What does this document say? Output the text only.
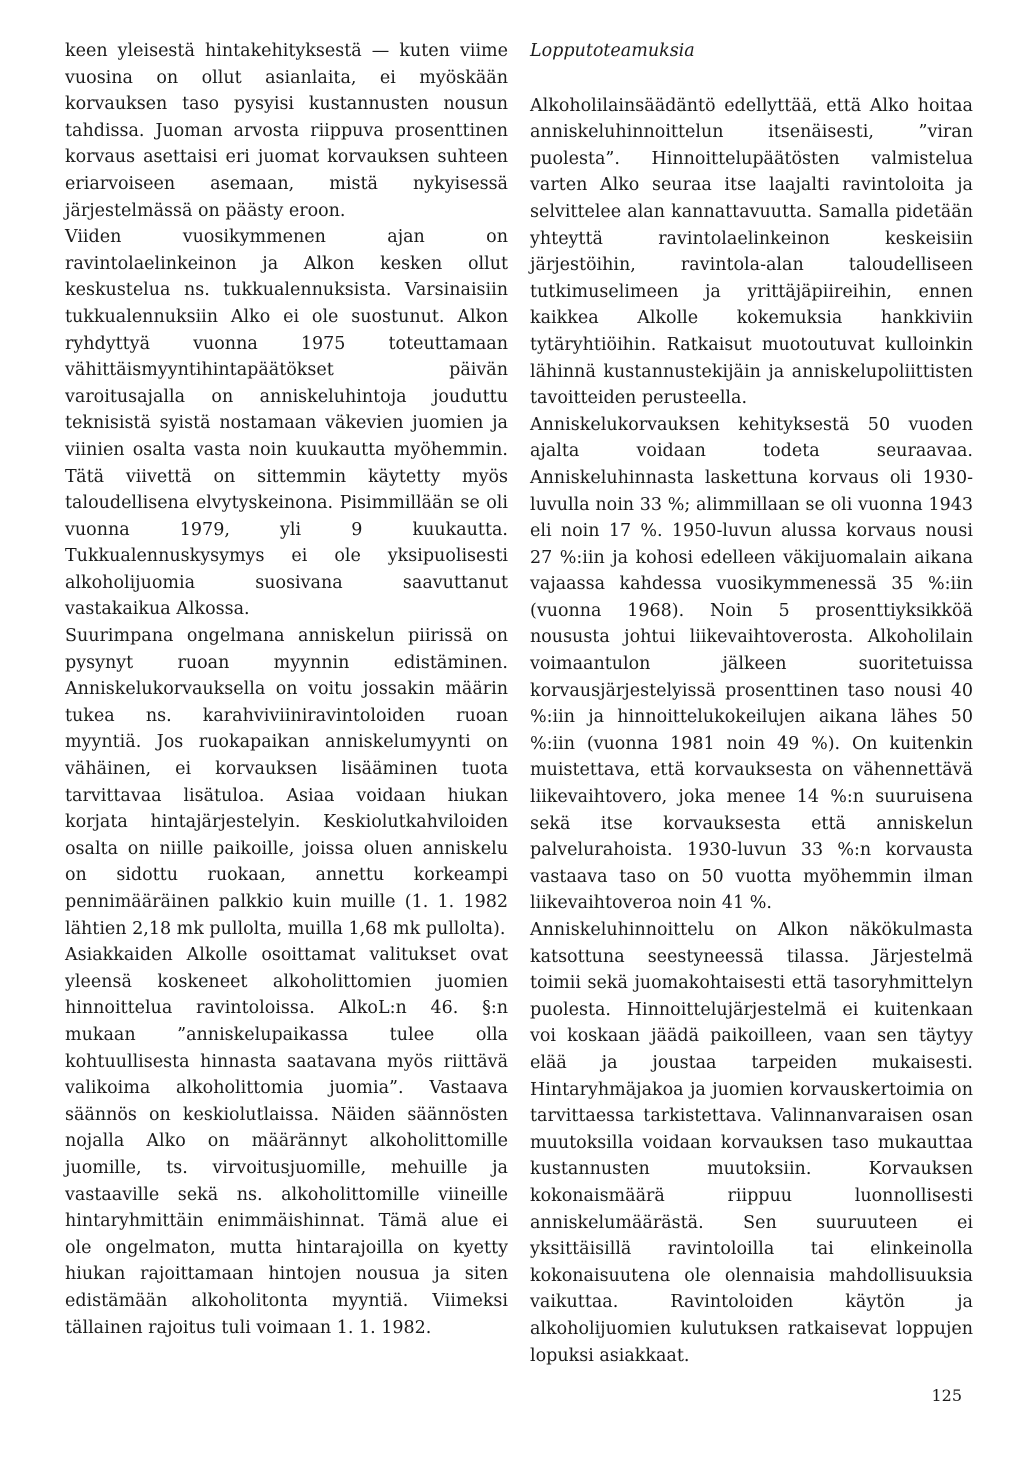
keen yleisestä hintakehityksestä — kuten viime vuosina on ollut asianlaita, ei myöskään korvauksen taso pysyisi kustannusten nousun tahdissa. Juoman arvosta riippuva prosenttinen korvaus asettaisi eri juomat korvauksen suhteen eriarvoiseen asemaan, mistä nykyisessä järjestelmässä on päästy eroon.

Viiden vuosikymmenen ajan on ravintolaelinkeinon ja Alkon kesken ollut keskustelua ns. tukkualennuksista. Varsinaisiin tukkualennuksiin Alko ei ole suostunut. Alkon ryhdyttyä vuonna 1975 toteuttamaan vähittäismyyntihintapäätökset päivän varoitusajalla on anniskeluhintoja jouduttu teknisistä syistä nostamaan väkevien juomien ja viinien osalta vasta noin kuukautta myöhemmin. Tätä viivettä on sittemmin käytetty myös taloudellisena elvytyskeinona. Pisimmillään se oli vuonna 1979, yli 9 kuukautta. Tukkualennuskysymys ei ole yksipuolisesti alkoholijuomia suosivana saavuttanut vastakaikua Alkossa.

Suurimpana ongelmana anniskelun piirissä on pysynyt ruoan myynnin edistäminen. Anniskelukorvauksella on voitu jossakin määrin tukea ns. karahviviiniravintoloiden ruoan myyntiä. Jos ruokapaikan anniskelumyynti on vähäinen, ei korvauksen lisääminen tuota tarvittavaa lisätuloa. Asiaa voidaan hiukan korjata hintajärjestelyin. Keskiolutkahviloiden osalta on niille paikoille, joissa oluen anniskelu on sidottu ruokaan, annettu korkeampi pennimääräinen palkkio kuin muille (1. 1. 1982 lähtien 2,18 mk pullolta, muilla 1,68 mk pullolta).

Asiakkaiden Alkolle osoittamat valitukset ovat yleensä koskeneet alkoholittomien juomien hinnoittelua ravintoloissa. AlkoL:n 46. §:n mukaan ”anniskelupaikassa tulee olla kohtuullisesta hinnasta saatavana myös riittävä valikoima alkoholittomia juomia”. Vastaava säännös on keskiolutlaissa. Näiden säännösten nojalla Alko on määrännyt alkoholittomille juomille, ts. virvoitusjuomille, mehuille ja vastaaville sekä ns. alkoholittomille viineille hintaryhmittäin enimmäishinnat. Tämä alue ei ole ongelmaton, mutta hintarajoilla on kyetty hiukan rajoittamaan hintojen nousua ja siten edistämään alkoholitonta myyntiä. Viimeksi tällainen rajoitus tuli voimaan 1. 1. 1982.

Lopputoteamuksia

Alkoholilainsäädäntö edellyttää, että Alko hoitaa anniskeluhinnoittelun itsenäisesti, ”viran puolesta”. Hinnoittelupäätösten valmistelua varten Alko seuraa itse laajalti ravintoloita ja selvittelee alan kannattavuutta. Samalla pidetään yhteyttä ravintolaelinkeinon keskeisiin järjestöihin, ravintola-alan taloudelliseen tutkimuselimeen ja yrittäjäpiireihin, ennen kaikkea Alkolle kokemuksia hankkiviin tytäryhtiöihin. Ratkaisut muotoutuvat kulloinkin lähinnä kustannustekijäin ja anniskelupoliittisten tavoitteiden perusteella.

Anniskelukorvauksen kehityksestä 50 vuoden ajalta voidaan todeta seuraavaa. Anniskeluhinnasta laskettuna korvaus oli 1930-luvulla noin 33 %; alimmillaan se oli vuonna 1943 eli noin 17 %. 1950-luvun alussa korvaus nousi 27 %:iin ja kohosi edelleen väkijuomalain aikana vajaassa kahdessa vuosikymmenessä 35 %:iin (vuonna 1968). Noin 5 prosenttiyksikköä noususta johtui liikevaihtoverosta. Alkoholilain voimaantulon jälkeen suoritetuissa korvausjärjestelyissä prosenttinen taso nousi 40 %:iin ja hinnoittelukokeilujen aikana lähes 50 %:iin (vuonna 1981 noin 49 %). On kuitenkin muistettava, että korvauksesta on vähennettävä liikevaihtovero, joka menee 14 %:n suuruisena sekä itse korvauksesta että anniskelun palvelurahoista. 1930-luvun 33 %:n korvausta vastaava taso on 50 vuotta myöhemmin ilman liikevaihtoveroa noin 41 %.

Anniskeluhinnoittelu on Alkon näkökulmasta katsottuna seestyneessä tilassa. Järjestelmä toimii sekä juomakohtaisesti että tasoryhmittelyn puolesta. Hinnoittelujärjestelmä ei kuitenkaan voi koskaan jäädä paikoilleen, vaan sen täytyy elää ja joustaa tarpeiden mukaisesti. Hintaryhmäjakoa ja juomien korvauskertoimia on tarvittaessa tarkistettava. Valinnanvaraisen osan muutoksilla voidaan korvauksen taso mukauttaa kustannusten muutoksiin. Korvauksen kokonaismäärä riippuu luonnollisesti anniskelumäärästä. Sen suuruuteen ei yksittäisillä ravintoloilla tai elinkeinolla kokonaisuutena ole olennaisia mahdollisuuksia vaikuttaa. Ravintoloiden käytön ja alkoholijuomien kulutuksen ratkaisevat loppujen lopuksi asiakkaat.

125
